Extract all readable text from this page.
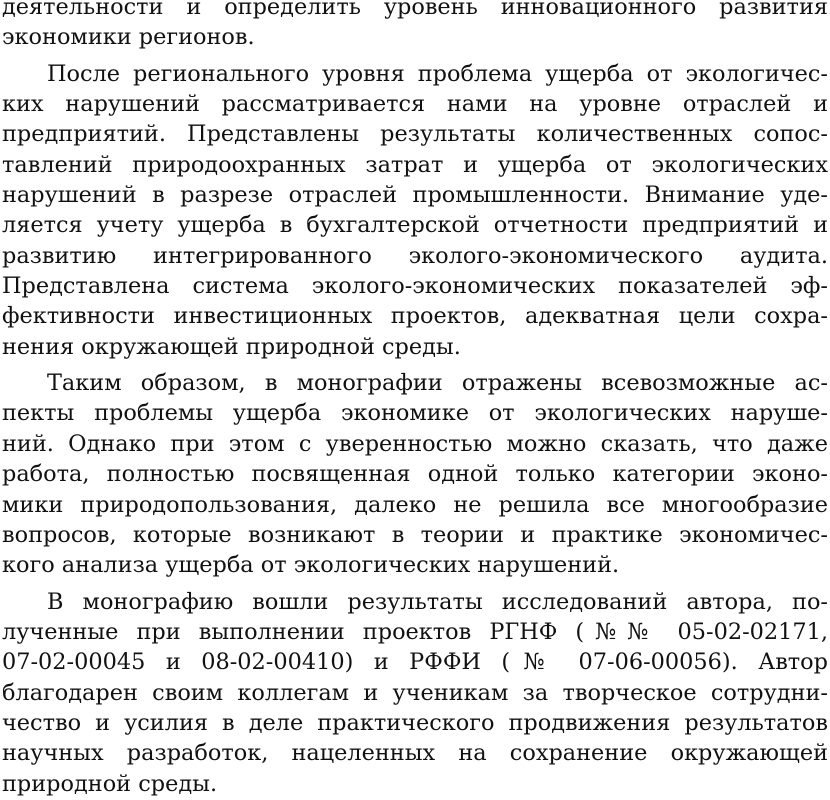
деятельности и определить уровень инновационного развития
экономики регионов.
После регионального уровня проблема ущерба от экологичес-
ких нарушений рассматривается нами на уровне отраслей и
предприятий. Представлены результаты количественных сопос-
тавлений природоохранных затрат и ущерба от экологических
нарушений в разрезе отраслей промышленности. Внимание уде-
ляется учету ущерба в бухгалтерской отчетности предприятий и
развитию интегрированного эколого-экономического аудита.
Представлена система эколого-экономических показателей эф-
фективности инвестиционных проектов, адекватная цели сохра-
нения окружающей природной среды.
Таким образом, в монографии отражены всевозможные ас-
пекты проблемы ущерба экономике от экологических наруше-
ний. Однако при этом с уверенностью можно сказать, что даже
работа, полностью посвященная одной только категории эконо-
мики природопользования, далеко не решила все многообразие
вопросов, которые возникают в теории и практике экономичес-
кого анализа ущерба от экологических нарушений.
В монографию вошли результаты исследований автора, по-
лученные при выполнении проектов РГНФ (№№ 05-02-02171,
07-02-00045 и 08-02-00410) и РФФИ (№ 07-06-00056). Автор
благодарен своим коллегам и ученикам за творческое сотрудни-
чество и усилия в деле практического продвижения результатов
научных разработок, нацеленных на сохранение окружающей
природной среды.
